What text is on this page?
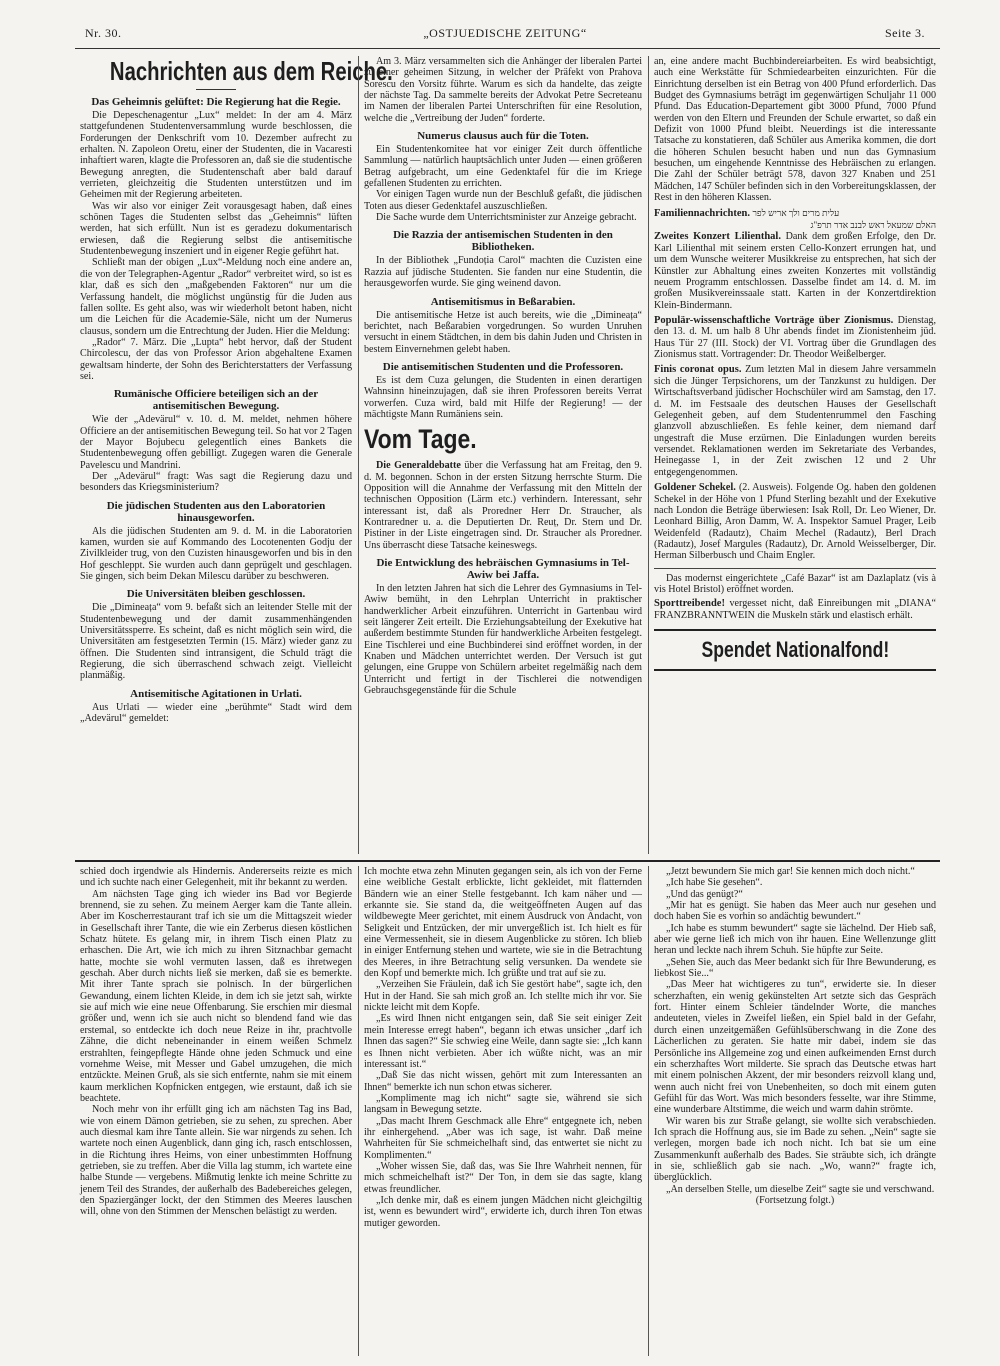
Nr. 30.	„OSTJUEDISCHE ZEITUNG“	Seite 3.
Nachrichten aus dem Reiche.
Das Geheimnis gelüftet: Die Regierung hat die Regie.

Die Depeschenagentur „Lux“ meldet: In der am 4. März stattgefundenen Studentenversammlung wurde beschlossen, die Forderungen der Denkschrift vom 10. Dezember aufrecht zu erhalten. N. Zapoleon Oretu, einer der Studenten, die in Vacaresti inhaftiert waren, klagte die Professoren an, daß sie die studentische Bewegung anregten, die Studentenschaft aber bald darauf verrieten, gleichzeitig die Studenten unterstützen und im Geheimen mit der Regierung arbeiteten.

Was wir also vor einiger Zeit vorausgesagt haben, daß eines schönen Tages die Studenten selbst das „Geheimnis“ lüften werden, hat sich erfüllt. Nun ist es geradezu dokumentarisch erwiesen, daß die Regierung selbst die antisemitische Studentenbewegung inszeniert und in eigener Regie geführt hat.

Schließt man der obigen „Lux“-Meldung noch eine andere an, die von der Telegraphen-Agentur „Rador“ verbreitet wird, so ist es klar, daß es sich den „maßgebenden Faktoren“ nur um die Verfassung handelt, die möglichst ungünstig für die Juden aus fallen sollte. Es geht also, was wir wiederholt betont haben, nicht um die Leichen für die Academie-Säle, nicht um der Numerus clausus, sondern um die Entrechtung der Juden. Hier die Meldung:

„Rador“ 7. März. Die „Lupta“ hebt hervor, daß der Student Chircolescu, der das von Professor Arion abgehaltene Examen gewaltsam hinderte, der Sohn des Berichterstatters der Verfassung sei.

Rumänische Officiere beteiligen sich an der antisemitischen Bewegung.

Wie der „Adevärul“ v. 10. d. M. meldet, nehmen höhere Officiere an der antisemitischen Bewegung teil. So hat vor 2 Tagen der Mayor Bojubecu gelegentlich eines Bankets die Studentenbewegung offen gebilligt. Zugegen waren die Generale Pavelescu und Mandrini.

Der „Adevärul“ fragt: Was sagt die Regierung dazu und besonders das Kriegsministerium?

Die jüdischen Studenten aus den Laboratorien hinausgeworfen.

Als die jüdischen Studenten am 9. d. M. in die Laboratorien kamen, wurden sie auf Kommando des Locotenenten Godju der Zivilkleider trug, von den Cuzisten hinausgeworfen und bis in den Hof geschleppt. Sie wurden auch dann geprügelt und geschlagen. Sie gingen, sich beim Dekan Milescu darüber zu beschweren.

Die Universitäten bleiben geschlossen.

Die „Dimineața“ vom 9. befaßt sich an leitender Stelle mit der Studentenbewegung und der damit zusammenhängenden Universitätssperre. Es scheint, daß es nicht möglich sein wird, die Universitäten am festgesetzten Termin (15. März) wieder ganz zu öffnen. Die Studenten sind intransigent, die Schuld trägt die Regierung, die sich überraschend schwach zeigt. Vielleicht planmäßig.

Antisemitische Agitationen in Urlati.

Aus Urlati — wieder eine „berühmte“ Stadt wird dem „Adevärul“ gemeldet:

Am 3. März versammelten sich die Anhänger der liberalen Partei zu einer geheimen Sitzung, in welcher der Präfekt von Prahova Sorescu den Vorsitz führte. Warum es sich da handelte, das zeigte der nächste Tag. Da sammelte bereits der Advokat Petre Secreteanu im Namen der liberalen Partei Unterschriften für eine Resolution, welche die „Vertreibung der Juden“ forderte.

Numerus clausus auch für die Toten.

Ein Studentenkomitee hat vor einiger Zeit durch öffentliche Sammlung — natürlich hauptsächlich unter Juden — einen größeren Betrag aufgebracht, um eine Gedenktafel für die im Kriege gefallenen Studenten zu errichten.

Vor einigen Tagen wurde nun der Beschluß gefaßt, die jüdischen Toten aus dieser Gedenktafel auszuschließen.

Die Sache wurde dem Unterrichtsminister zur Anzeige gebracht.

Die Razzia der antisemischen Studenten in den Bibliotheken.

In der Bibliothek „Fundoția Carol“ machten die Cuzisten eine Razzia auf jüdische Studenten. Sie fanden nur eine Studentin, die herausgeworfen wurde. Sie ging weinend davon.

Antisemitismus in Beßarabien.

Die antisemitische Hetze ist auch bereits, wie die „Dimineața“ berichtet, nach Beßarabien vorgedrungen. So wurden Unruhen versucht in einem Städtchen, in dem bis dahin Juden und Christen in bestem Einvernehmen gelebt haben.

Die antisemitischen Studenten und die Professoren.

Es ist dem Cuza gelungen, die Studenten in einen derartigen Wahnsinn hineinzujagen, daß sie ihren Professoren bereits Verrat vorwerfen. Cuza wird, bald mit Hilfe der Regierung! — der mächtigste Mann Rumäniens sein.

Vom Tage.

Die Generaldebatte über die Verfassung hat am Freitag, den 9. d. M. begonnen. Schon in der ersten Sitzung herrschte Sturm. Die Opposition will die Annahme der Verfassung mit den Mitteln der technischen Opposition (Lärm etc.) verhindern. Interessant, sehr interessant ist, daß als Proredner Herr Dr. Straucher, als Kontraredner u. a. die Deputierten Dr. Reuț, Dr. Stern und Dr. Pistiner in der Liste eingetragen sind. Dr. Straucher als Proredner. Uns überrascht diese Tatsache keineswegs.

Die Entwicklung des hebräischen Gymnasiums in Tel-Awiw bei Jaffa.

In den letzten Jahren hat sich die Lehrer des Gymnasiums in Tel-Awiw bemüht, in den Lehrplan Unterricht in praktischer handwerklicher Arbeit einzuführen. Unterricht in Gartenbau wird seit längerer Zeit erteilt. Die Erziehungsabteilung der Exekutive hat außerdem bestimmte Stunden für handwerkliche Arbeiten festgelegt. Eine Tischlerei und eine Buchbinderei sind eröffnet worden, in der Knaben und Mädchen unterrichtet werden. Der Versuch ist gut gelungen, eine Gruppe von Schülern arbeitet regelmäßig nach dem Unterricht und fertigt in der Tischlerei die notwendigen Gebrauchsgegenstände für die Schule

an, eine andere macht Buchbindereiarbeiten. Es wird beabsichtigt, auch eine Werkstätte für Schmiedearbeiten einzurichten. Für die Einrichtung derselben ist ein Betrag von 400 Pfund erforderlich. Das Budget des Gymnasiums beträgt im gegenwärtigen Schuljahr 11 000 Pfund. Das Education-Departement gibt 3000 Pfund, 7000 Pfund werden von den Eltern und Freunden der Schule erwartet, so daß ein Defizit von 1000 Pfund bleibt. Neuerdings ist die interessante Tatsache zu konstatieren, daß Schüler aus Amerika kommen, die dort die höheren Schulen besucht haben und nun das Gymnasium besuchen, um eingehende Kenntnisse des Hebräischen zu erlangen. Die Zahl der Schüler beträgt 578, davon 327 Knaben und 251 Mädchen, 147 Schüler befinden sich in den Vorbereitungsklassen, der Rest in den höheren Klassen.

Familiennachrichten. עלית מרים ולך אריש לפר
האלם שמעאל ראש לבנב אדר תרפ"ג

Zweites Konzert Lilienthal. Dank dem großen Erfolge, den Dr. Karl Lilienthal mit seinem ersten Cello-Konzert errungen hat, und um dem Wunsche weiterer Musikkreise zu entsprechen, hat sich der Künstler zur Abhaltung eines zweiten Konzertes mit vollständig neuem Programm entschlossen. Dasselbe findet am 14. d. M. im großen Musikvereinssaale statt. Karten in der Konzertdirektion Klein-Bindermann.

Populär-wissenschaftliche Vorträge über Zionismus. Dienstag, den 13. d. M. um halb 8 Uhr abends findet im Zionistenheim jüd. Haus Tür 27 (III. Stock) der VI. Vortrag über die Grundlagen des Zionismus statt. Vortragender: Dr. Theodor Weißelberger.

Finis coronat opus. Zum letzten Mal in diesem Jahre versammeln sich die Jünger Terpsichorens, um der Tanzkunst zu huldigen. Der Wirtschaftsverband jüdischer Hochschüler wird am Samstag, den 17. d. M. im Festsaale des deutschen Hauses der Gesellschaft Gelegenheit geben, auf dem Studentenrummel den Fasching glanzvoll abzuschließen. Es fehle keiner, dem niemand darf ungestraft die Muse erzürnen. Die Einladungen wurden bereits versendet. Reklamationen werden im Sekretariate des Verbandes, Heinegasse 1, in der Zeit zwischen 12 und 2 Uhr entgegengenommen.

Goldener Schekel. (2. Ausweis). Folgende Og. haben den goldenen Schekel in der Höhe von 1 Pfund Sterling bezahlt und der Exekutive nach London die Beträge überwiesen: Isak Roll, Dr. Leo Wiener, Dr. Leonhard Billig, Aron Damm, W. A. Inspektor Samuel Prager, Leib Weidenfeld (Radautz), Chaim Mechel (Radautz), Berl Drach (Radautz), Josef Margules (Radautz), Dr. Arnold Weisselberger, Dir. Herman Silberbusch und Chaim Engler.

Das modernst eingerichtete „Café Bazar“ ist am Dazlaplatz (vis à vis Hotel Bristol) eröffnet worden.

Sporttreibende! vergesset nicht, daß Einreibungen mit „DIANA“ FRANZBRANNTWEIN die Muskeln stärk und elastisch erhält.

Spendet Nationalfond!

schied doch irgendwie als Hindernis. Andererseits reizte es mich und ich suchte nach einer Gelegenheit, mit ihr bekannt zu werden.

Am nächsten Tage ging ich wieder ins Bad vor Begierde brennend, sie zu sehen. Zu meinem Aerger kam die Tante allein. Aber im Koscherrestaurant traf ich sie um die Mittagszeit wieder in Gesellschaft ihrer Tante, die wie ein Zerberus diesen köstlichen Schatz hütete. Es gelang mir, in ihrem Tisch einen Platz zu erhaschen. Die Art, wie ich mich zu ihren Sitznachbar gemacht hatte, mochte sie wohl vermuten lassen, daß es ihretwegen geschah. Aber durch nichts ließ sie merken, daß sie es bemerkte. Mit ihrer Tante sprach sie polnisch. In der bürgerlichen Gewandung, einem lichten Kleide, in dem ich sie jetzt sah, wirkte sie auf mich wie eine neue Offenbarung. Sie erschien mir diesmal größer und, wenn ich sie auch nicht so blendend fand wie das erstemal, so entdeckte ich doch neue Reize in ihr, prachtvolle Zähne, die dicht nebeneinander in einem weißen Schmelz erstrahlten, feingepflegte Hände ohne jeden Schmuck und eine vornehme Weise, mit Messer und Gabel umzugehen, die mich entzückte. Meinen Gruß, als sie sich entfernte, nahm sie mit einem kaum merklichen Kopfnicken entgegen, wie erstaunt, daß ich sie beachtete.

Noch mehr von ihr erfüllt ging ich am nächsten Tag ins Bad, wie von einem Dämon getrieben, sie zu sehen, zu sprechen. Aber auch diesmal kam ihre Tante allein. Sie war nirgends zu sehen. Ich wartete noch einen Augenblick, dann ging ich, rasch entschlossen, in die Richtung ihres Heims, von einer unbestimmten Hoffnung getrieben, sie zu treffen. Aber die Villa lag stumm, ich wartete eine halbe Stunde — vergebens. Mißmutig lenkte ich meine Schritte zu jenem Teil des Strandes, der außerhalb des Badebereiches gelegen, den Spaziergänger lockt, der den Stimmen des Meeres lauschen will, ohne von den Stimmen der Menschen belästigt zu werden.

Ich mochte etwa zehn Minuten gegangen sein, als ich von der Ferne eine weibliche Gestalt erblickte, licht gekleidet, mit flatternden Bändern wie an einer Stelle festgebannt. Ich kam näher und — erkannte sie. Sie stand da, die weitgeöffneten Augen auf das wildbewegte Meer gerichtet, mit einem Ausdruck von Andacht, von Seligkeit und Entzücken, der mir unvergeßlich ist. Ich hielt es für eine Vermessenheit, sie in diesem Augenblicke zu stören. Ich blieb in einiger Entfernung stehen und wartete, wie sie in die Betrachtung des Meeres, in ihre Betrachtung selig versunken. Da wendete sie den Kopf und bemerkte mich. Ich grüßte und trat auf sie zu.

„Verzeihen Sie Fräulein, daß ich Sie gestört habe“, sagte ich, den Hut in der Hand. Sie sah mich groß an. Ich stellte mich ihr vor. Sie nickte leicht mit dem Kopfe.

„Es wird Ihnen nicht entgangen sein, daß Sie seit einiger Zeit mein Interesse erregt haben“, begann ich etwas unsicher „darf ich Ihnen das sagen?“ Sie schwieg eine Weile, dann sagte sie: „Ich kann es Ihnen nicht verbieten. Aber ich wüßte nicht, was an mir interessant ist.“

„Daß Sie das nicht wissen, gehört mit zum Interessanten an Ihnen“ bemerkte ich nun schon etwas sicherer.

„Komplimente mag ich nicht“ sagte sie, während sie sich langsam in Bewegung setzte.

„Das macht Ihrem Geschmack alle Ehre“ entgegnete ich, neben ihr einhergehend. „Aber was ich sage, ist wahr. Daß meine Wahrheiten für Sie schmeichelhaft sind, das entwertet sie nicht zu Komplimenten.“

„Woher wissen Sie, daß das, was Sie Ihre Wahrheit nennen, für mich schmeichelhaft ist?“ Der Ton, in dem sie das sagte, klang etwas freundlicher.

„Ich denke mir, daß es einem jungen Mädchen nicht gleichgiltig ist, wenn es bewundert wird“, erwiderte ich, durch ihren Ton etwas mutiger geworden.

„Jetzt bewundern Sie mich gar! Sie kennen mich doch nicht.“

„Ich habe Sie gesehen“.

„Und das genügt?“

„Mir hat es genügt. Sie haben das Meer auch nur gesehen und doch haben Sie es vorhin so andächtig bewundert.“

„Ich habe es stumm bewundert“ sagte sie lächelnd. Der Hieb saß, aber wie gerne ließ ich mich von ihr hauen. Eine Wellenzunge glitt heran und leckte nach ihrem Schuh. Sie hüpfte zur Seite.

„Sehen Sie, auch das Meer bedankt sich für Ihre Bewunderung, es liebkost Sie...“

„Das Meer hat wichtigeres zu tun“, erwiderte sie. In dieser scherzhaften, ein wenig gekünstelten Art setzte sich das Gespräch fort. Hinter einem Schleier tändelnder Worte, die manches andeuteten, vieles in Zweifel ließen, ein Spiel bald in der Gefahr, durch einen unzeitgemäßen Gefühlsüberschwang in die Zone des Lächerlichen zu geraten. Sie hatte mir dabei, indem sie das Persönliche ins Allgemeine zog und einen aufkeimenden Ernst durch ein scherzhaftes Wort milderte. Sie sprach das Deutsche etwas hart mit einem polnischen Akzent, der mir besonders reizvoll klang und, wenn auch nicht frei von Unebenheiten, so doch mit einem guten Gefühl für das Wort. Was mich besonders fesselte, war ihre Stimme, eine wunderbare Altstimme, die weich und warm dahin strömte.

Wir waren bis zur Straße gelangt, sie wollte sich verabschieden. Ich sprach die Hoffnung aus, sie im Bade zu sehen. „Nein“ sagte sie verlegen, morgen bade ich noch nicht. Ich bat sie um eine Zusammenkunft außerhalb des Bades. Sie sträubte sich, ich drängte in sie, schließlich gab sie nach. „Wo, wann?“ fragte ich, überglücklich.

„An derselben Stelle, um dieselbe Zeit“ sagte sie und verschwand.

(Fortsetzung folgt.)
